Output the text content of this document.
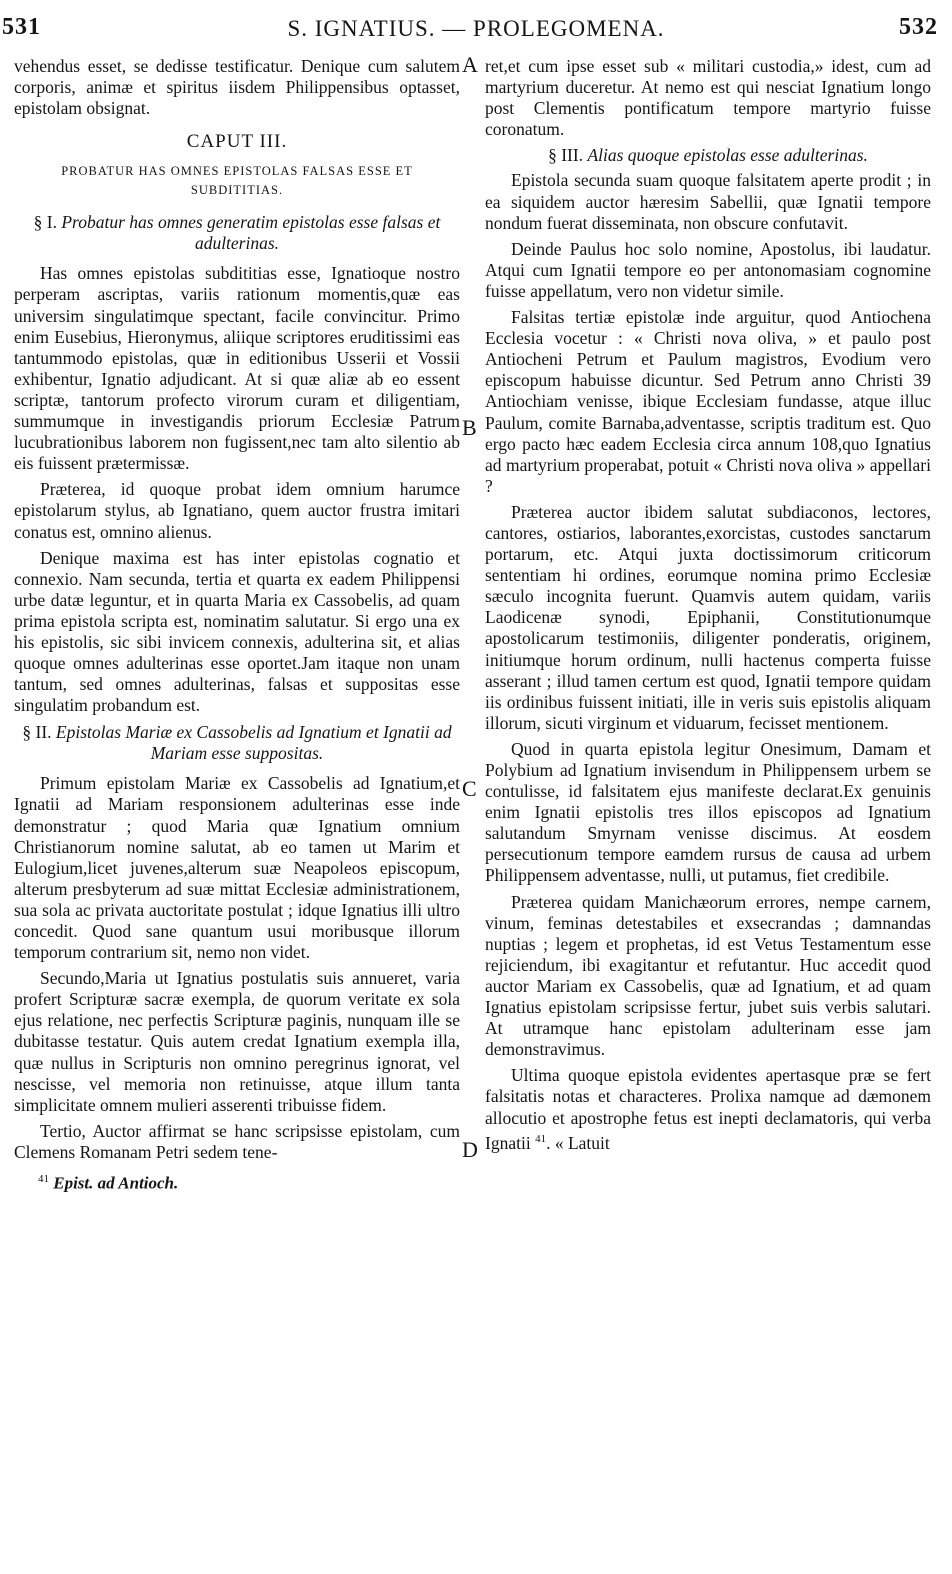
531	S. IGNATIUS. — PROLEGOMENA.	532
A
B
C
D

vehendus esset, se dedisse testificatur. Denique cum salutem corporis, animæ et spiritus iisdem Philippensibus optasset, epistolam obsignat.

CAPUT III.
PROBATUR HAS OMNES EPISTOLAS FALSAS ESSE ET SUBDITITIAS.
§ I. Probatur has omnes generatim epistolas esse falsas et adulterinas.

Has omnes epistolas subdititias esse, Ignatioque nostro perperam ascriptas, variis rationum momentis,quæ eas universim singulatimque spectant, facile convincitur. Primo enim Eusebius, Hieronymus, aliique scriptores eruditissimi eas tantummodo epistolas, quæ in editionibus Usserii et Vossii exhibentur, Ignatio adjudicant. At si quæ aliæ ab eo essent scriptæ, tantorum profecto virorum curam et diligentiam, summumque in investigandis priorum Ecclesiæ Patrum lucubrationibus laborem non fugissent,nec tam alto silentio ab eis fuissent prætermissæ.

Præterea, id quoque probat idem omnium harumce epistolarum stylus, ab Ignatiano, quem auctor frustra imitari conatus est, omnino alienus.

Denique maxima est has inter epistolas cognatio et connexio. Nam secunda, tertia et quarta ex eadem Philippensi urbe datæ leguntur, et in quarta Maria ex Cassobelis, ad quam prima epistola scripta est, nominatim salutatur. Si ergo una ex his epistolis, sic sibi invicem connexis, adulterina sit, et alias quoque omnes adulterinas esse oportet.Jam itaque non unam tantum, sed omnes adulterinas, falsas et suppositas esse singulatim probandum est.

§ II. Epistolas Mariæ ex Cassobelis ad Ignatium et Ignatii ad Mariam esse suppositas.

Primum epistolam Mariæ ex Cassobelis ad Ignatium,et Ignatii ad Mariam responsionem adulterinas esse inde demonstratur ; quod Maria quæ Ignatium omnium Christianorum nomine salutat, ab eo tamen ut Marim et Eulogium,licet juvenes,alterum suæ Neapoleos episcopum, alterum presbyterum ad suæ mittat Ecclesiæ administrationem, sua sola ac privata auctoritate postulat ; idque Ignatius illi ultro concedit. Quod sane quantum usui moribusque illorum temporum contrarium sit, nemo non videt.

Secundo,Maria ut Ignatius postulatis suis annueret, varia profert Scripturæ sacræ exempla, de quorum veritate ex sola ejus relatione, nec perfectis Scripturæ paginis, nunquam ille se dubitasse testatur. Quis autem credat Ignatium exempla illa, quæ nullus in Scripturis non omnino peregrinus ignorat, vel nescisse, vel memoria non retinuisse, atque illum tanta simplicitate omnem mulieri asserenti tribuisse fidem.

Tertio, Auctor affirmat se hanc scripsisse epistolam, cum Clemens Romanam Petri sedem tene-

$^{41}$ Epist. ad Antioch.

ret,et cum ipse esset sub « militari custodia,» idest, cum ad martyrium duceretur. At nemo est qui nesciat Ignatium longo post Clementis pontificatum tempore martyrio fuisse coronatum.

§ III. Alias quoque epistolas esse adulterinas.

Epistola secunda suam quoque falsitatem aperte prodit ; in ea siquidem auctor hæresim Sabellii, quæ Ignatii tempore nondum fuerat disseminata, non obscure confutavit.

Deinde Paulus hoc solo nomine, Apostolus, ibi laudatur. Atqui cum Ignatii tempore eo per antonomasiam cognomine fuisse appellatum, vero non videtur simile.

Falsitas tertiæ epistolæ inde arguitur, quod Antiochena Ecclesia vocetur : « Christi nova oliva, » et paulo post Antiocheni Petrum et Paulum magistros, Evodium vero episcopum habuisse dicuntur. Sed Petrum anno Christi 39 Antiochiam venisse, ibique Ecclesiam fundasse, atque illuc Paulum, comite Barnaba,adventasse, scriptis traditum est. Quo ergo pacto hæc eadem Ecclesia circa annum 108,quo Ignatius ad martyrium properabat, potuit « Christi nova oliva » appellari ?

Præterea auctor ibidem salutat subdiaconos, lectores, cantores, ostiarios, laborantes,exorcistas, custodes sanctarum portarum, etc. Atqui juxta doctissimorum criticorum sententiam hi ordines, eorumque nomina primo Ecclesiæ sæculo incognita fuerunt. Quamvis autem quidam, variis Laodicenæ synodi, Epiphanii, Constitutionumque apostolicarum testimoniis, diligenter ponderatis, originem, initiumque horum ordinum, nulli hactenus comperta fuisse asserant ; illud tamen certum est quod, Ignatii tempore quidam iis ordinibus fuissent initiati, ille in veris suis epistolis aliquam illorum, sicuti virginum et viduarum, fecisset mentionem.

Quod in quarta epistola legitur Onesimum, Damam et Polybium ad Ignatium invisendum in Philippensem urbem se contulisse, id falsitatem ejus manifeste declarat.Ex genuinis enim Ignatii epistolis tres illos episcopos ad Ignatium salutandum Smyrnam venisse discimus. At eosdem persecutionum tempore eamdem rursus de causa ad urbem Philippensem adventasse, nulli, ut putamus, fiet credibile.

Præterea quidam Manichæorum errores, nempe carnem, vinum, feminas detestabiles et exsecrandas ; damnandas nuptias ; legem et prophetas, id est Vetus Testamentum esse rejiciendum, ibi exagitantur et refutantur. Huc accedit quod auctor Mariam ex Cassobelis, quæ ad Ignatium, et ad quam Ignatius epistolam scripsisse fertur, jubet suis verbis salutari. At utramque hanc epistolam adulterinam esse jam demonstravimus.

Ultima quoque epistola evidentes apertasque præ se fert falsitatis notas et characteres. Prolixa namque ad dæmonem allocutio et apostrophe fetus est inepti declamatoris, qui verba Ignatii $^{41}$. « Latuit
